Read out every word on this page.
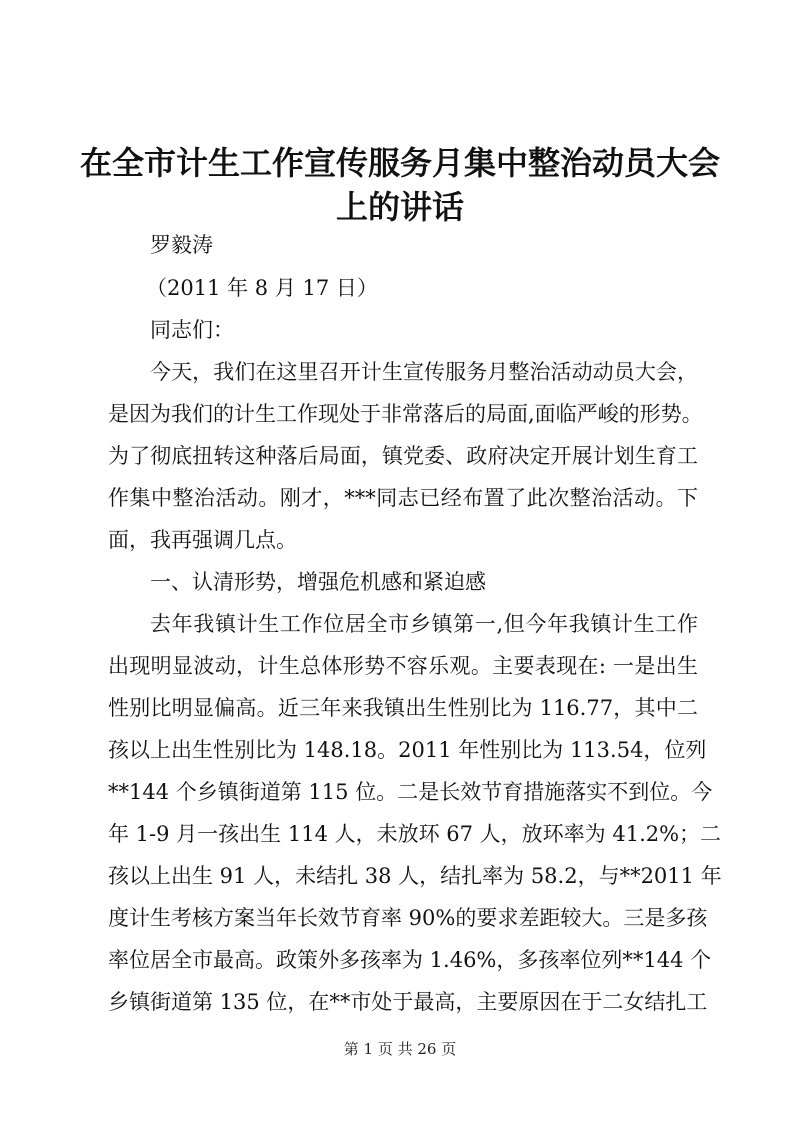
在全市计生工作宣传服务月集中整治动员大会
上的讲话

罗毅涛

（2011 年 8 月 17 日）

同志们：

今天，我们在这里召开计生宣传服务月整治活动动员大会，

是因为我们的计生工作现处于非常落后的局面,面临严峻的形势。

为了彻底扭转这种落后局面，镇党委、政府决定开展计划生育工

作集中整治活动。刚才，***同志已经布置了此次整治活动。下

面，我再强调几点。

一、认清形势，增强危机感和紧迫感

去年我镇计生工作位居全市乡镇第一,但今年我镇计生工作

出现明显波动，计生总体形势不容乐观。主要表现在: 一是出生

性别比明显偏高。近三年来我镇出生性别比为 116.77，其中二

孩以上出生性别比为 148.18。2011 年性别比为 113.54，位列

**144 个乡镇街道第 115 位。二是长效节育措施落实不到位。今

年 1-9 月一孩出生 114 人，未放环 67 人，放环率为 41.2%；二

孩以上出生 91 人，未结扎 38 人，结扎率为 58.2，与**2011 年

度计生考核方案当年长效节育率 90%的要求差距较大。三是多孩

率位居全市最高。政策外多孩率为 1.46%，多孩率位列**144 个

乡镇街道第 135 位，在**市处于最高，主要原因在于二女结扎工

第 1 页 共 26 页
